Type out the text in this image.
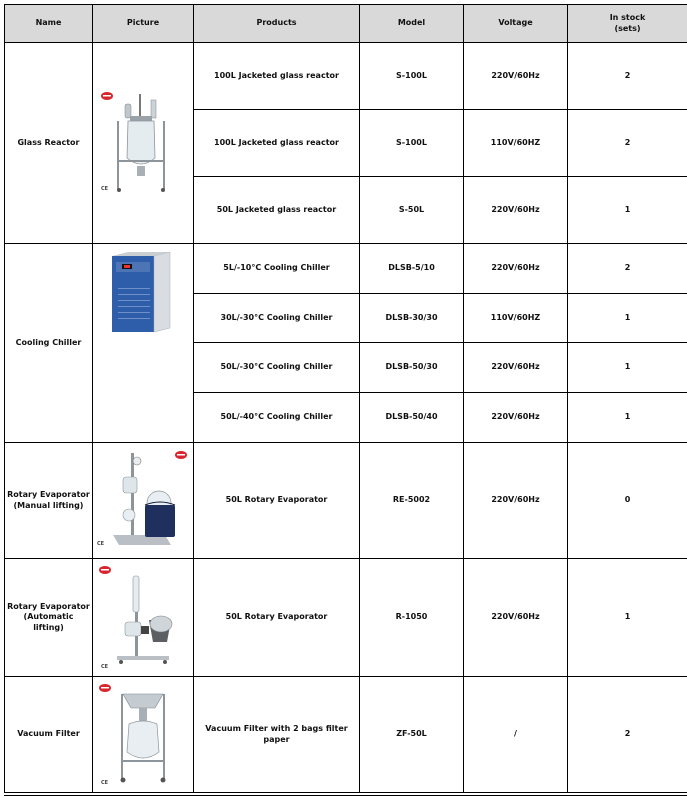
Name	Picture	Products	Model	Voltage	In stock
(sets)
Glass Reactor	CE	100L Jacketed glass reactor	S-100L	220V/60Hz	2
		100L Jacketed glass reactor	S-100L	110V/60HZ	2
		50L Jacketed glass reactor	S-50L	220V/60Hz	1
Cooling Chiller		5L/-10°C Cooling Chiller	DLSB-5/10	220V/60Hz	2
		30L/-30°C Cooling Chiller	DLSB-30/30	110V/60HZ	1
		50L/-30°C Cooling Chiller	DLSB-50/30	220V/60Hz	1
		50L/-40°C Cooling Chiller	DLSB-50/40	220V/60Hz	1
Rotary Evaporator
(Manual lifting)	CE	50L Rotary Evaporator	RE-5002	220V/60Hz	0
Rotary Evaporator
(Automatic lifting)	CE	50L Rotary Evaporator	R-1050	220V/60Hz	1
Vacuum Filter	CE	Vacuum Filter with 2 bags filter paper	ZF-50L	/	2
